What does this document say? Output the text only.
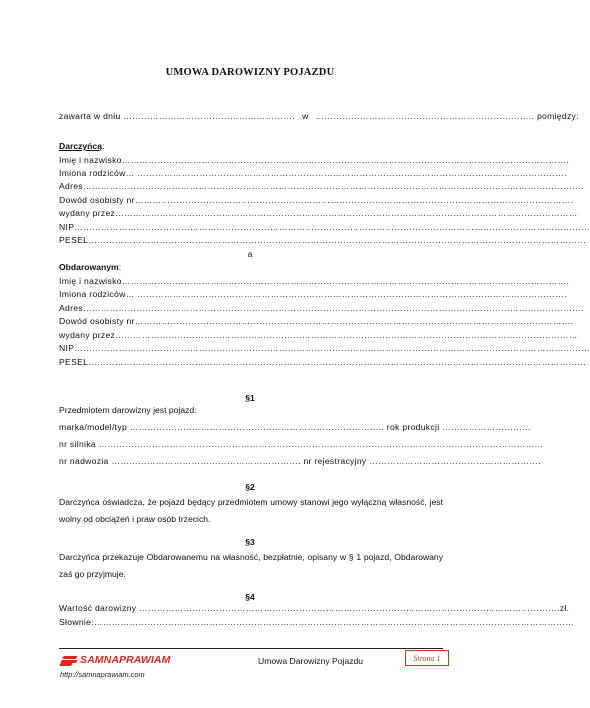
UMOWA DAROWIZNY POJAZDU
zawarta w dniu …………………………………………………. w ……………………………………………………………….. pomiędzy:
Darczyńcą:
Imię i nazwisko…………………………………………………………………………………………………………………………………….
Imiona rodziców… ……………………………………………………………………………………………………………………………….
Adres…………………………………………………………………………………………………………………………………………………….
Dowód osobisty nr………………………………………………………………………………………………………………………………….
wydany przez…………………………………………………………………………………………………………………………………………
NIP…………………………………………………………………………………………………………………………………………………………
PESEL……………………………………………………………………………………………………………………………………………………
a
Obdarowanym:
Imię i nazwisko…………………………………………………………………………………………………………………………………….
Imiona rodziców… ……………………………………………………………………………………………………………………………….
Adres…………………………………………………………………………………………………………………………………………………….
Dowód osobisty nr………………………………………………………………………………………………………………………………….
wydany przez…………………………………………………………………………………………………………………………………………
NIP…………………………………………………………………………………………………………………………………………………………
PESEL……………………………………………………………………………………………………………………………………………………
§1
Przedmiotem darowizny jest pojazd:
marka/model/typ ………………………………………………………………………….. rok produkcji …………………………
nr silnika ……………………………………………………………………………………………………………………………………
nr nadwozia ………………………………………………………. nr rejestracyjny ………………………………………………….
§2
Darczyńca oświadcza, że pojazd będący przedmiotem umowy stanowi jego wyłączną własność, jest wolny od obciążeń i praw osób trzecich.
§3
Darczyńca przekazuje Obdarowanemu na własność, bezpłatnie, opisany w § 1 pojazd, Obdarowany zaś go przyjmuje.
§4
Wartość darowizny …………………………………………………………………………………………………………………………….zł.
Słownie:………………………………………………………………………………………………………………………………………………
SAM NAPRAWIAM	Umowa Darowizny Pojazdu	Strona 1
http://samnaprawiam.com
